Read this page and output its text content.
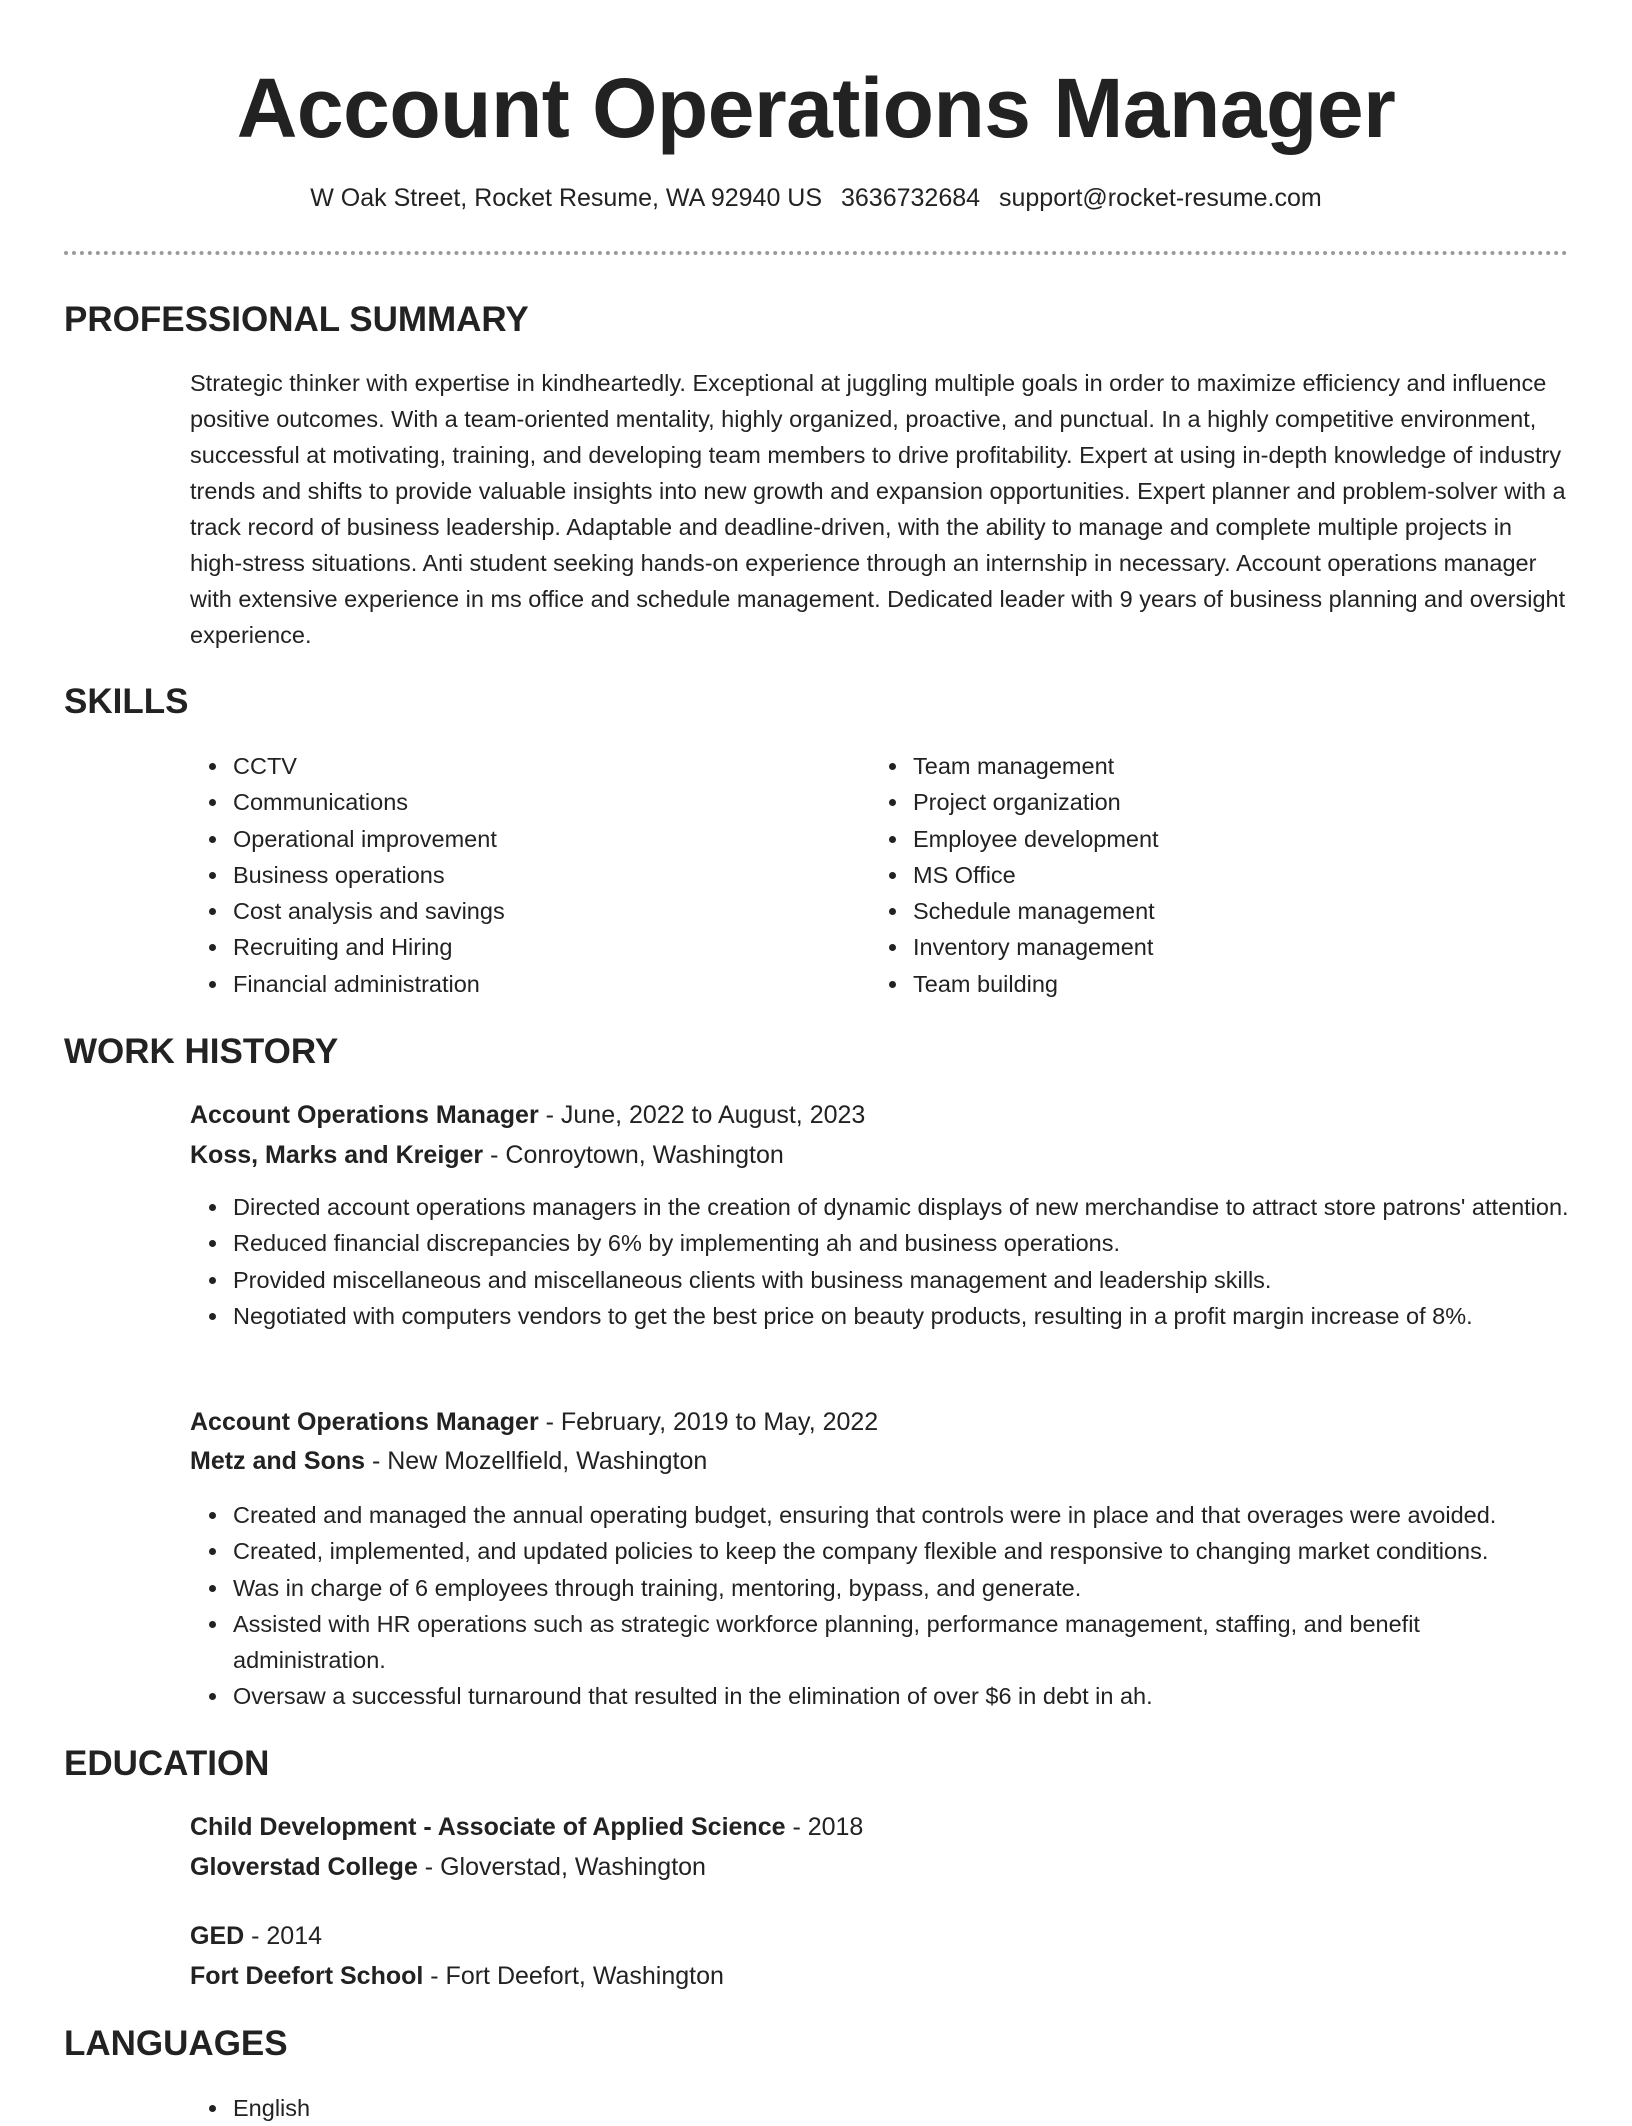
Account Operations Manager
W Oak Street, Rocket Resume, WA 92940 US 3636732684 support@rocket-resume.com
PROFESSIONAL SUMMARY

Strategic thinker with expertise in kindheartedly. Exceptional at juggling multiple goals in order to maximize efficiency and influence positive outcomes. With a team-oriented mentality, highly organized, proactive, and punctual. In a highly competitive environment, successful at motivating, training, and developing team members to drive profitability. Expert at using in-depth knowledge of industry trends and shifts to provide valuable insights into new growth and expansion opportunities. Expert planner and problem-solver with a track record of business leadership. Adaptable and deadline-driven, with the ability to manage and complete multiple projects in high-stress situations. Anti student seeking hands-on experience through an internship in necessary. Account operations manager with extensive experience in ms office and schedule management. Dedicated leader with 9 years of business planning and oversight experience.

SKILLS
CCTV
Communications
Operational improvement
Business operations
Cost analysis and savings
Recruiting and Hiring
Financial administration
Team management
Project organization
Employee development
MS Office
Schedule management
Inventory management
Team building
WORK HISTORY
Account Operations Manager - June, 2022 to August, 2023
Koss, Marks and Kreiger - Conroytown, Washington
Directed account operations managers in the creation of dynamic displays of new merchandise to attract store patrons' attention.
Reduced financial discrepancies by 6% by implementing ah and business operations.
Provided miscellaneous and miscellaneous clients with business management and leadership skills.
Negotiated with computers vendors to get the best price on beauty products, resulting in a profit margin increase of 8%.
Account Operations Manager - February, 2019 to May, 2022
Metz and Sons - New Mozellfield, Washington
Created and managed the annual operating budget, ensuring that controls were in place and that overages were avoided.
Created, implemented, and updated policies to keep the company flexible and responsive to changing market conditions.
Was in charge of 6 employees through training, mentoring, bypass, and generate.
Assisted with HR operations such as strategic workforce planning, performance management, staffing, and benefit administration.
Oversaw a successful turnaround that resulted in the elimination of over $6 in debt in ah.
EDUCATION
Child Development - Associate of Applied Science - 2018
Gloverstad College - Gloverstad, Washington
GED - 2014
Fort Deefort School - Fort Deefort, Washington
LANGUAGES
English
